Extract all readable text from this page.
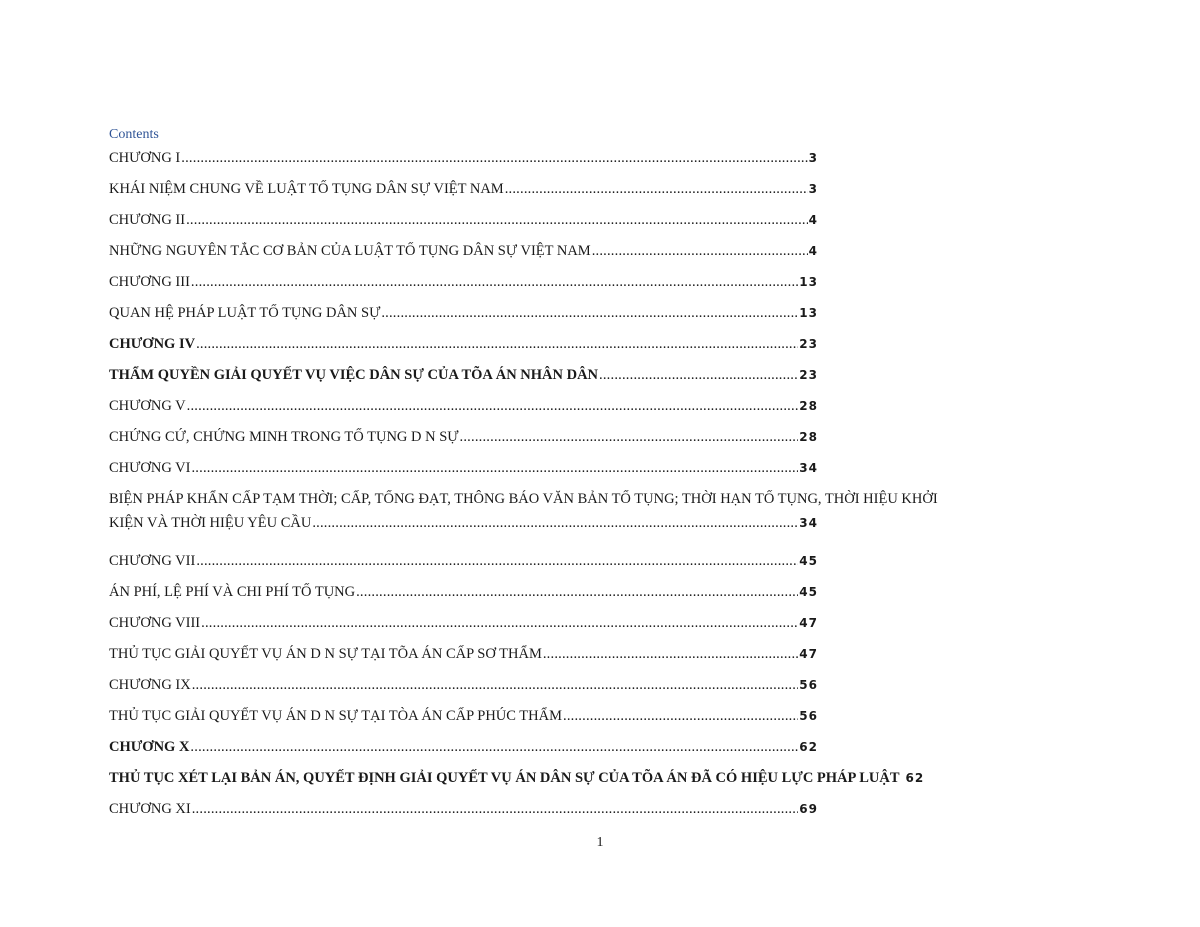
Contents
CHƯƠNG I .....	3
KHÁI NIỆM CHUNG VỀ LUẬT TỐ TỤNG DÂN SỰ VIỆT NAM .....	3
CHƯƠNG II .....	4
NHỮNG NGUYÊN TẮC CƠ BẢN CỦA LUẬT TỐ TỤNG DÂN SỰ VIỆT NAM .....	4
CHƯƠNG III .....	13
QUAN HỆ PHÁP LUẬT TỐ TỤNG DÂN SỰ .....	13
CHƯƠNG IV .....	23
THẨM QUYỀN GIẢI QUYẾT VỤ VIỆC DÂN SỰ CỦA TÕA ÁN NHÂN DÂN .....	23
CHƯƠNG V .....	28
CHỨNG CỨ, CHỨNG MINH TRONG TỐ TỤNG D N SỰ .....	28
CHƯƠNG VI .....	34
BIỆN PHÁP KHẨN CẤP TẠM THỜI; CẤP, TỐNG ĐẠT, THÔNG BÁO VĂN BẢN TỐ TỤNG; THỜI HẠN TỐ TỤNG, THỜI HIỆU KHỞI
KIỆN VÀ THỜI HIỆU YÊU CẦU .....	34
CHƯƠNG VII .....	45
ÁN PHÍ, LỆ PHÍ VÀ CHI PHÍ TỐ TỤNG .....	45
CHƯƠNG VIII .....	47
THỦ TỤC GIẢI QUYẾT VỤ ÁN D N SỰ TẠI TÕA ÁN CẤP SƠ THẨM .....	47
CHƯƠNG IX .....	56
THỦ TỤC GIẢI QUYẾT VỤ ÁN D N SỰ TẠI TÒA ÁN CẤP PHÚC THẨM .....	56
CHƯƠNG X .....	62
THỦ TỤC XÉT LẠI BẢN ÁN, QUYẾT ĐỊNH GIẢI QUYẾT VỤ ÁN DÂN SỰ CỦA TÕA ÁN ĐÃ CÓ HIỆU LỰC PHÁP LUẬT 62
CHƯƠNG XI .....	69
1
